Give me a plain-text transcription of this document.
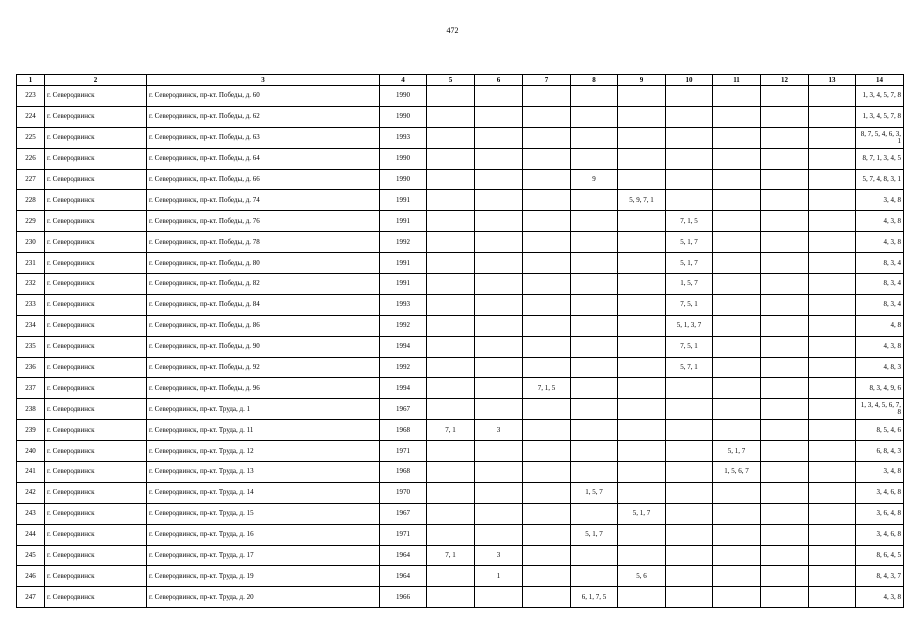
472
1	2	3	4	5	6	7	8	9	10	11	12	13	14
223	г. Северодвинск	г. Северодвинск, пр-кт. Победы, д. 60	1990										1, 3, 4, 5, 7, 8
224	г. Северодвинск	г. Северодвинск, пр-кт. Победы, д. 62	1990										1, 3, 4, 5, 7, 8
225	г. Северодвинск	г. Северодвинск, пр-кт. Победы, д. 63	1993										8, 7, 5, 4, 6, 3, 1
226	г. Северодвинск	г. Северодвинск, пр-кт. Победы, д. 64	1990										8, 7, 1, 3, 4, 5
227	г. Северодвинск	г. Северодвинск, пр-кт. Победы, д. 66	1990				9						5, 7, 4, 8, 3, 1
228	г. Северодвинск	г. Северодвинск, пр-кт. Победы, д. 74	1991					5, 9, 7, 1					3, 4, 8
229	г. Северодвинск	г. Северодвинск, пр-кт. Победы, д. 76	1991						7, 1, 5				4, 3, 8
230	г. Северодвинск	г. Северодвинск, пр-кт. Победы, д. 78	1992						5, 1, 7				4, 3, 8
231	г. Северодвинск	г. Северодвинск, пр-кт. Победы, д. 80	1991						5, 1, 7				8, 3, 4
232	г. Северодвинск	г. Северодвинск, пр-кт. Победы, д. 82	1991						1, 5, 7				8, 3, 4
233	г. Северодвинск	г. Северодвинск, пр-кт. Победы, д. 84	1993						7, 5, 1				8, 3, 4
234	г. Северодвинск	г. Северодвинск, пр-кт. Победы, д. 86	1992						5, 1, 3, 7				4, 8
235	г. Северодвинск	г. Северодвинск, пр-кт. Победы, д. 90	1994						7, 5, 1				4, 3, 8
236	г. Северодвинск	г. Северодвинск, пр-кт. Победы, д. 92	1992						5, 7, 1				4, 8, 3
237	г. Северодвинск	г. Северодвинск, пр-кт. Победы, д. 96	1994			7, 1, 5							8, 3, 4, 9, 6
238	г. Северодвинск	г. Северодвинск, пр-кт. Труда, д. 1	1967										1, 3, 4, 5, 6, 7, 8
239	г. Северодвинск	г. Северодвинск, пр-кт. Труда, д. 11	1968	7, 1	3								8, 5, 4, 6
240	г. Северодвинск	г. Северодвинск, пр-кт. Труда, д. 12	1971							5, 1, 7			6, 8, 4, 3
241	г. Северодвинск	г. Северодвинск, пр-кт. Труда, д. 13	1968							1, 5, 6, 7			3, 4, 8
242	г. Северодвинск	г. Северодвинск, пр-кт. Труда, д. 14	1970				1, 5, 7						3, 4, 6, 8
243	г. Северодвинск	г. Северодвинск, пр-кт. Труда, д. 15	1967					5, 1, 7					3, 6, 4, 8
244	г. Северодвинск	г. Северодвинск, пр-кт. Труда, д. 16	1971				5, 1, 7						3, 4, 6, 8
245	г. Северодвинск	г. Северодвинск, пр-кт. Труда, д. 17	1964	7, 1	3								8, 6, 4, 5
246	г. Северодвинск	г. Северодвинск, пр-кт. Труда, д. 19	1964		1			5, 6					8, 4, 3, 7
247	г. Северодвинск	г. Северодвинск, пр-кт. Труда, д. 20	1966				6, 1, 7, 5						4, 3, 8
